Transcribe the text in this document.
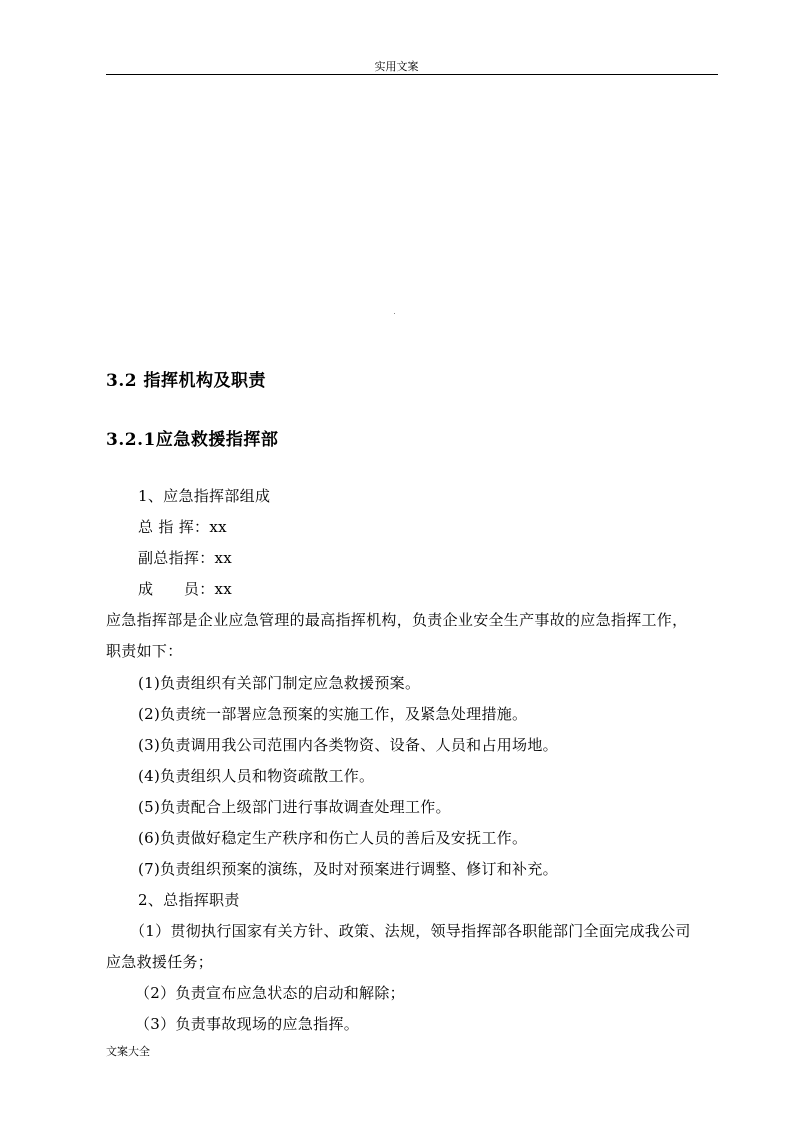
实用文案
3.2 指挥机构及职责
3.2.1应急救援指挥部
1、应急指挥部组成
总 指 挥：xx
副总指挥：xx
成　　员：xx
应急指挥部是企业应急管理的最高指挥机构，负责企业安全生产事故的应急指挥工作，
职责如下：
(1)负责组织有关部门制定应急救援预案。
(2)负责统一部署应急预案的实施工作，及紧急处理措施。
(3)负责调用我公司范围内各类物资、设备、人员和占用场地。
(4)负责组织人员和物资疏散工作。
(5)负责配合上级部门进行事故调查处理工作。
(6)负责做好稳定生产秩序和伤亡人员的善后及安抚工作。
(7)负责组织预案的演练，及时对预案进行调整、修订和补充。
2、总指挥职责
（1）贯彻执行国家有关方针、政策、法规，领导指挥部各职能部门全面完成我公司
应急救援任务；
（2）负责宣布应急状态的启动和解除；
（3）负责事故现场的应急指挥。
文案大全
